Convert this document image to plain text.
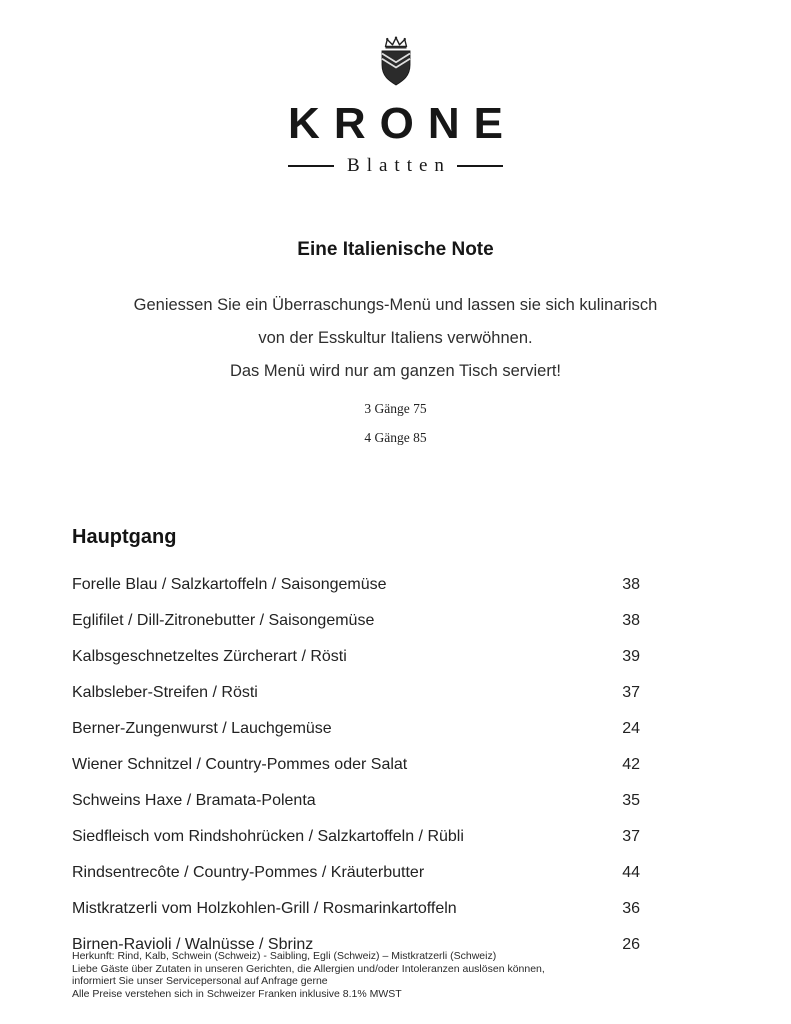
KRONE
Blatten
Eine Italienische Note
Geniessen Sie ein Überraschungs-Menü und lassen sie sich kulinarisch
von der Esskultur Italiens verwöhnen.
Das Menü wird nur am ganzen Tisch serviert!
3 Gänge 75
4 Gänge 85
Hauptgang
Forelle Blau / Salzkartoffeln / Saisongemüse	38
Eglifilet / Dill-Zitronebutter / Saisongemüse	38
Kalbsgeschnetzeltes Zürcherart / Rösti	39
Kalbsleber-Streifen / Rösti	37
Berner-Zungenwurst / Lauchgemüse	24
Wiener Schnitzel / Country-Pommes oder Salat	42
Schweins Haxe / Bramata-Polenta	35
Siedfleisch vom Rindshohrücken / Salzkartoffeln / Rübli	37
Rindsentrecôte / Country-Pommes / Kräuterbutter	44
Mistkratzerli vom Holzkohlen-Grill / Rosmarinkartoffeln	36
Birnen-Ravioli / Walnüsse / Sbrinz	26
Herkunft: Rind, Kalb, Schwein (Schweiz) - Saibling, Egli (Schweiz) – Mistkratzerli (Schweiz)
Liebe Gäste über Zutaten in unseren Gerichten, die Allergien und/oder Intoleranzen auslösen können,
informiert Sie unser Servicepersonal auf Anfrage gerne
Alle Preise verstehen sich in Schweizer Franken inklusive 8.1% MWST
